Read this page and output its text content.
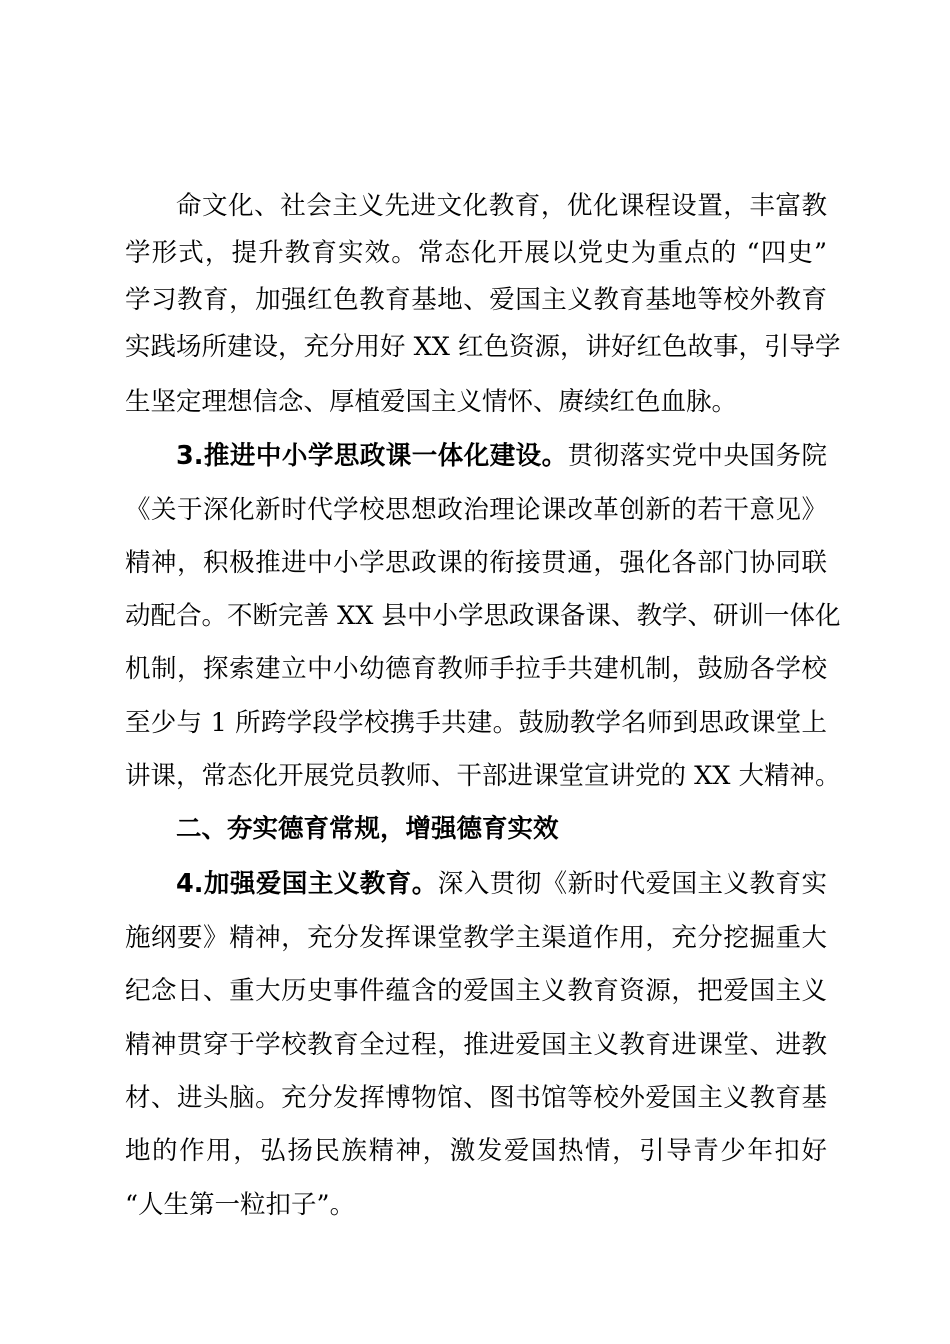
命文化、社会主义先进文化教育，优化课程设置，丰富教
学形式，提升教育实效。常态化开展以党史为重点的 “四史”
学习教育，加强红色教育基地、爱国主义教育基地等校外教育
实践场所建设，充分用好 XX 红色资源，讲好红色故事，引导学
生坚定理想信念、厚植爱国主义情怀、赓续红色血脉。
3.推进中小学思政课一体化建设。贯彻落实党中央国务院
《关于深化新时代学校思想政治理论课改革创新的若干意见》
精神，积极推进中小学思政课的衔接贯通，强化各部门协同联
动配合。不断完善 XX 县中小学思政课备课、教学、研训一体化
机制，探索建立中小幼德育教师手拉手共建机制，鼓励各学校
至少与 1 所跨学段学校携手共建。鼓励教学名师到思政课堂上
讲课，常态化开展党员教师、干部进课堂宣讲党的 XX 大精神。
二、夯实德育常规，增强德育实效
4.加强爱国主义教育。深入贯彻《新时代爱国主义教育实
施纲要》精神，充分发挥课堂教学主渠道作用，充分挖掘重大
纪念日、重大历史事件蕴含的爱国主义教育资源，把爱国主义
精神贯穿于学校教育全过程，推进爱国主义教育进课堂、进教
材、进头脑。充分发挥博物馆、图书馆等校外爱国主义教育基
地的作用，弘扬民族精神，激发爱国热情，引导青少年扣好
“人生第一粒扣子”。
